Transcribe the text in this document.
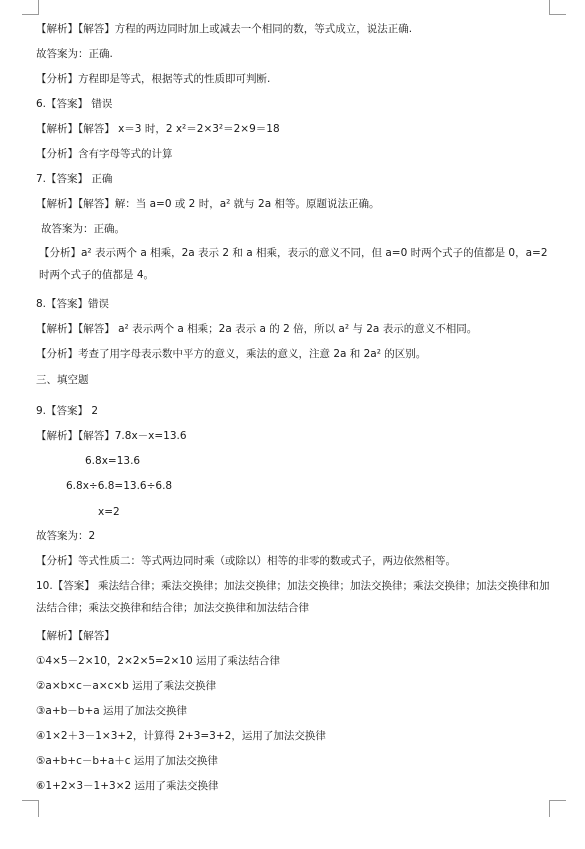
【解析】【解答】方程的两边同时加上或减去一个相同的数，等式成立，说法正确.
故答案为：正确.
【分析】方程即是等式，根据等式的性质即可判断.
6.【答案】 错误
【解析】【解答】 x＝3 时，2 x²＝2×3²＝2×9＝18
【分析】含有字母等式的计算
7.【答案】 正确
【解析】【解答】解：当 a=0 或 2 时，a² 就与 2a 相等。原题说法正确。
故答案为：正确。
【分析】a² 表示两个 a 相乘，2a 表示 2 和 a 相乘，表示的意义不同，但 a=0 时两个式子的值都是 0，a=2 时两个式子的值都是 4。
8.【答案】错误
【解析】【解答】 a² 表示两个 a 相乘；2a 表示 a 的 2 倍，所以 a² 与 2a 表示的意义不相同。
【分析】考查了用字母表示数中平方的意义，乘法的意义，注意 2a 和 2a² 的区别。
三、填空题
9.【答案】 2
【解析】【解答】7.8x－x=13.6
6.8x=13.6
6.8x÷6.8=13.6÷6.8
x=2
故答案为：2
【分析】等式性质二：等式两边同时乘（或除以）相等的非零的数或式子，两边依然相等。
10.【答案】 乘法结合律；乘法交换律；加法交换律；加法交换律；加法交换律；乘法交换律；加法交换律和加法结合律；乘法交换律和结合律；加法交换律和加法结合律
【解析】【解答】
①4×5－2×10，2×2×5=2×10 运用了乘法结合律
②a×b×c－a×c×b 运用了乘法交换律
③a+b－b+a 运用了加法交换律
④1×2＋3－1×3+2，计算得 2+3=3+2，运用了加法交换律
⑤a+b+c－b+a＋c 运用了加法交换律
⑥1+2×3－1+3×2 运用了乘法交换律
